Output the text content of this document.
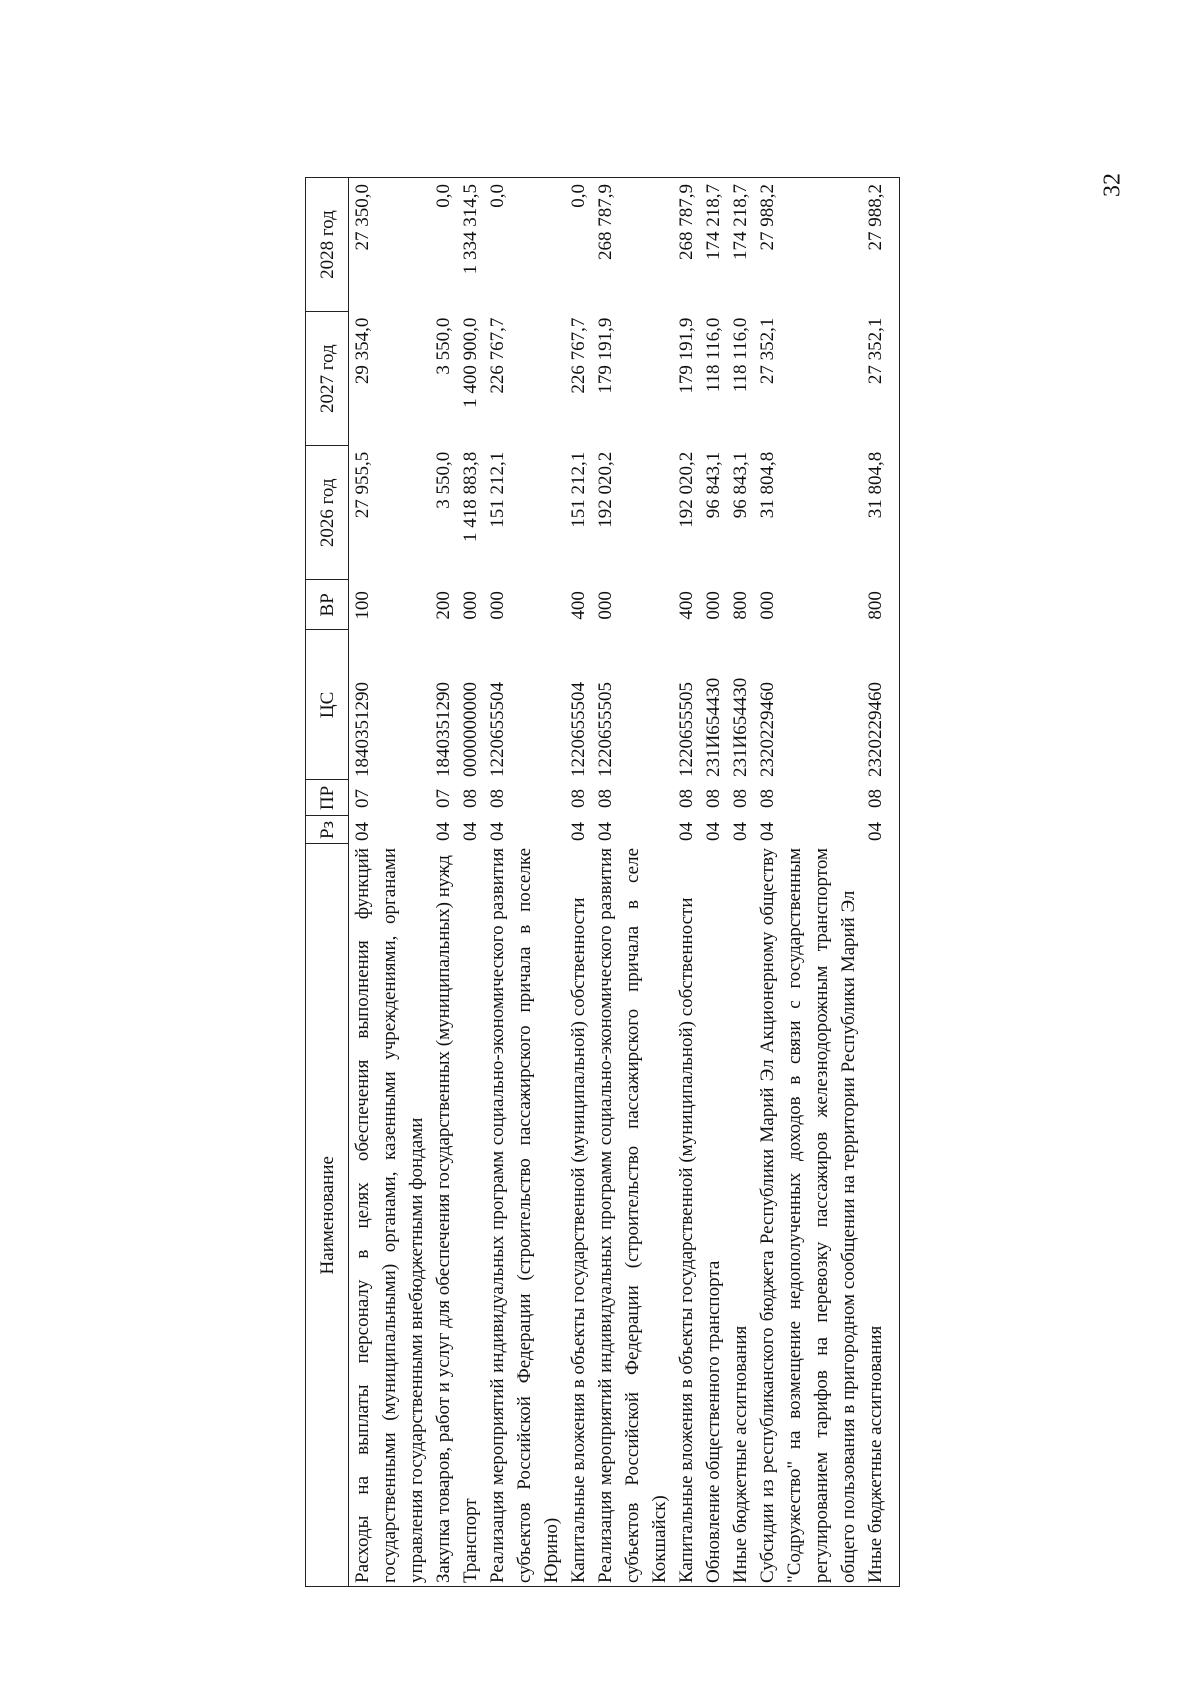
32
Наименование	Рз	ПР	ЦС	ВР	2026 год	2027 год	2028 год
Расходы на выплаты персоналу в целях обеспечения выполнения функций государственными (муниципальными) органами, казенными учреждениями, органами управления государственными внебюджетными фондами	04	07	1840351290	100	27 955,5	29 354,0	27 350,0
Закупка товаров, работ и услуг для обеспечения государственных (муниципальных) нужд	04	07	1840351290	200	3 550,0	3 550,0	0,0
Транспорт	04	08	0000000000	000	1 418 883,8	1 400 900,0	1 334 314,5
Реализация мероприятий индивидуальных программ социально-экономического развития субъектов Российской Федерации (строительство пассажирского причала в поселке Юрино)	04	08	1220655504	000	151 212,1	226 767,7	0,0
Капитальные вложения в объекты государственной (муниципальной) собственности	04	08	1220655504	400	151 212,1	226 767,7	0,0
Реализация мероприятий индивидуальных программ социально-экономического развития субъектов Российской Федерации (строительство пассажирского причала в селе Кокшайск)	04	08	1220655505	000	192 020,2	179 191,9	268 787,9
Капитальные вложения в объекты государственной (муниципальной) собственности	04	08	1220655505	400	192 020,2	179 191,9	268 787,9
Обновление общественного транспорта	04	08	231И654430	000	96 843,1	118 116,0	174 218,7
Иные бюджетные ассигнования	04	08	231И654430	800	96 843,1	118 116,0	174 218,7
Субсидии из республиканского бюджета Республики Марий Эл Акционерному обществу "Содружество" на возмещение недополученных доходов в связи с государственным регулированием тарифов на перевозку пассажиров железнодорожным транспортом общего пользования в пригородном сообщении на территории Республики Марий Эл	04	08	2320229460	000	31 804,8	27 352,1	27 988,2
Иные бюджетные ассигнования	04	08	2320229460	800	31 804,8	27 352,1	27 988,2
